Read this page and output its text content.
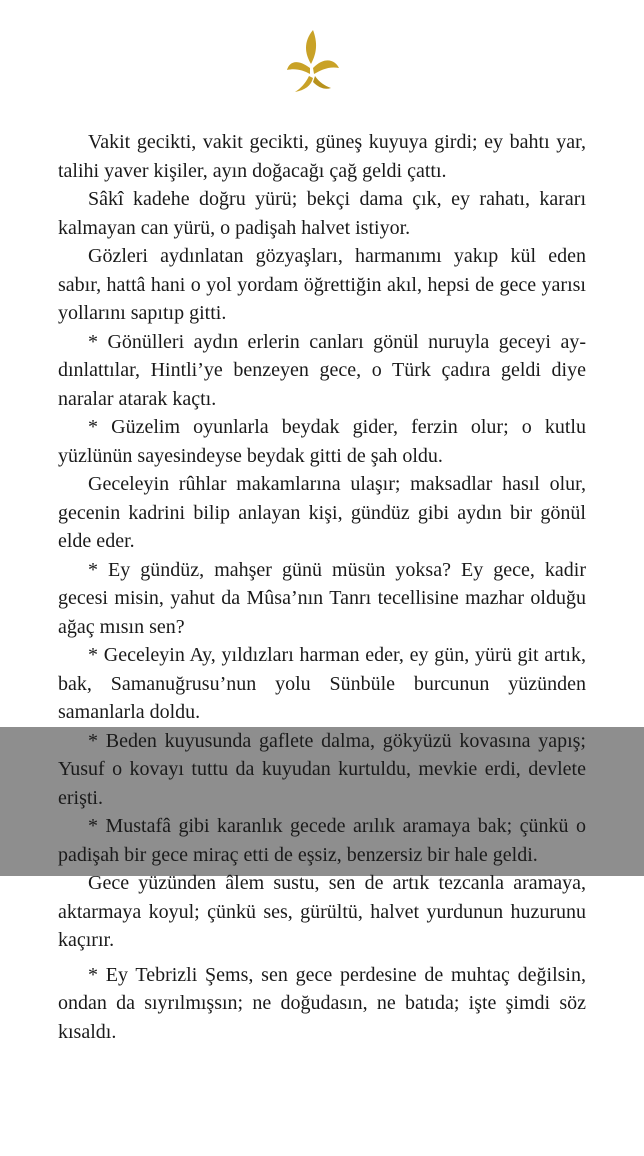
Vakit gecikti, vakit gecikti, güneş kuyuya girdi; ey bahtı yar, talihi yaver kişiler, ayın doğacağı çağ geldi çattı.

Sâkî kadehe doğru yürü; bekçi dama çık, ey rahatı, kararı kalmayan can yürü, o padişah halvet istiyor.

Gözleri aydınlatan gözyaşları, harmanımı yakıp kül eden sabır, hattâ hani o yol yordam öğrettiğin akıl, hepsi de gece yarısı yollarını sapıtıp gitti.

* Gönülleri aydın erlerin canları gönül nuruyla geceyi aydınlattılar, Hintli’ye benzeyen gece, o Türk çadıra geldi diye naralar atarak kaçtı.

* Güzelim oyunlarla beydak gider, ferzin olur; o kutlu yüzlünün sayesindeyse beydak gitti de şah oldu.

Geceleyin rûhlar makamlarına ulaşır; maksadlar hasıl olur, gecenin kadrini bilip anlayan kişi, gündüz gibi aydın bir gönül elde eder.

* Ey gündüz, mahşer günü müsün yoksa? Ey gece, kadir gecesi misin, yahut da Mûsa’nın Tanrı tecellisine mazhar olduğu ağaç mısın sen?

* Geceleyin Ay, yıldızları harman eder, ey gün, yürü git artık, bak, Samanuğrusu’nun yolu Sünbüle burcunun yüzünden samanlarla doldu.

* Beden kuyusunda gaflete dalma, gökyüzü kovasına yapış; Yusuf o kovayı tuttu da kuyudan kurtuldu, mevkie erdi, devlete erişti.

* Mustafâ gibi karanlık gecede arılık aramaya bak; çünkü o padişah bir gece miraç etti de eşsiz, benzersiz bir hale geldi.

Gece yüzünden âlem sustu, sen de artık tezcanla aramaya, aktarmaya koyul; çünkü ses, gürültü, halvet yurdunun huzurunu kaçırır.

* Ey Tebrizli Şems, sen gece perdesine de muhtaç değilsin, ondan da sıyrılmışsın; ne doğudasın, ne batıda; işte şimdi söz kısaldı.
